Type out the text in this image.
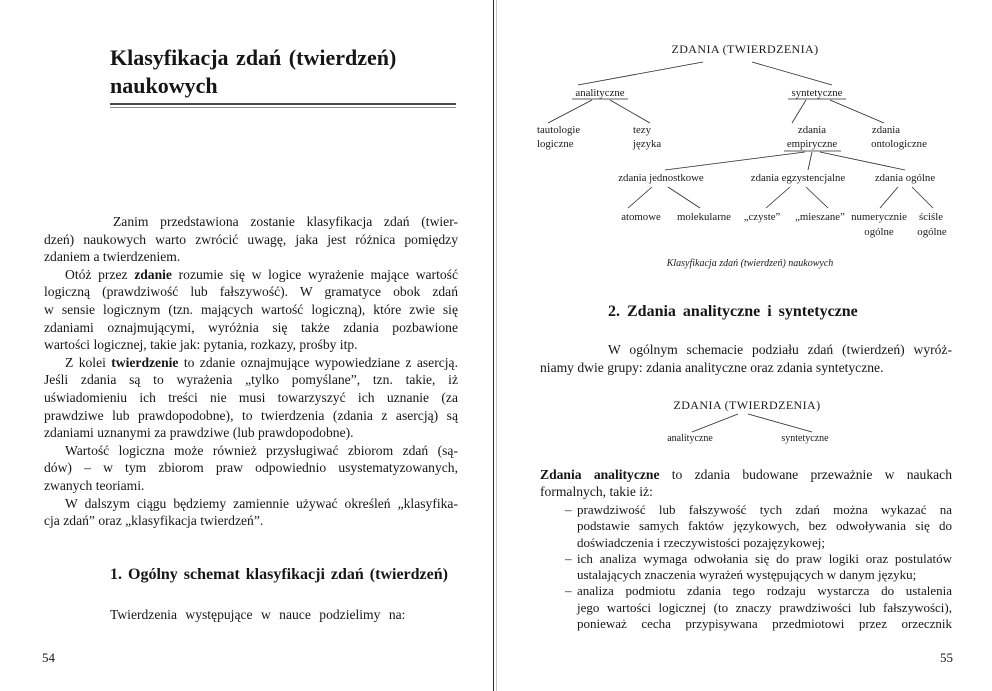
Klasyfikacja zdań (twierdzeń)
naukowych
Zanim przedstawiona zostanie klasyfikacja zdań (twier-
dzeń) naukowych warto zwrócić uwagę, jaka jest różnica pomiędzy
zdaniem a twierdzeniem.
Otóż przez zdanie rozumie się w logice wyrażenie mające wartość
logiczną (prawdziwość lub fałszywość). W gramatyce obok zdań
w sensie logicznym (tzn. mających wartość logiczną), które zwie się
zdaniami oznajmującymi, wyróżnia się także zdania pozbawione
wartości logicznej, takie jak: pytania, rozkazy, prośby itp.
Z kolei twierdzenie to zdanie oznajmujące wypowiedziane z asercją.
Jeśli zdania są to wyrażenia „tylko pomyślane”, tzn. takie, iż
uświadomieniu ich treści nie musi towarzyszyć ich uznanie (za
prawdziwe lub prawdopodobne), to twierdzenia (zdania z asercją) są
zdaniami uznanymi za prawdziwe (lub prawdopodobne).
Wartość logiczna może również przysługiwać zbiorom zdań (są-
dów) – w tym zbiorom praw odpowiednio usystematyzowanych,
zwanych teoriami.
W dalszym ciągu będziemy zamiennie używać określeń „klasyfika-
cja zdań” oraz „klasyfikacja twierdzeń”.
1. Ogólny schemat klasyfikacji zdań (twierdzeń)
Twierdzenia występujące w nauce podzielimy na:
54
ZDANIA (TWIERDZENIA)
analityczne	syntetyczne
tautologie
logiczne
tezy
języka
zdania
empiryczne
zdania
ontologiczne
zdania jednostkowe	zdania egzystencjalne	zdania ogólne
atomowe molekularne „czyste” „mieszane” numerycznie
ogólne
ściśle
ogólne
Klasyfikacja zdań (twierdzeń) naukowych
2. Zdania analityczne i syntetyczne
W ogólnym schemacie podziału zdań (twierdzeń) wyróż-
niamy dwie grupy: zdania analityczne oraz zdania syntetyczne.
ZDANIA (TWIERDZENIA)
analityczne	syntetyczne
Zdania analityczne to zdania budowane przeważnie w naukach
formalnych, takie iż:
– prawdziwość lub fałszywość tych zdań można wykazać na
podstawie samych faktów językowych, bez odwoływania się do
doświadczenia i rzeczywistości pozajęzykowej;
– ich analiza wymaga odwołania się do praw logiki oraz postulatów
ustalających znaczenia wyrażeń występujących w danym języku;
– analiza podmiotu zdania tego rodzaju wystarcza do ustalenia
jego wartości logicznej (to znaczy prawdziwości lub fałszywości),
ponieważ cecha przypisywana przedmiotowi przez orzecznik
55
